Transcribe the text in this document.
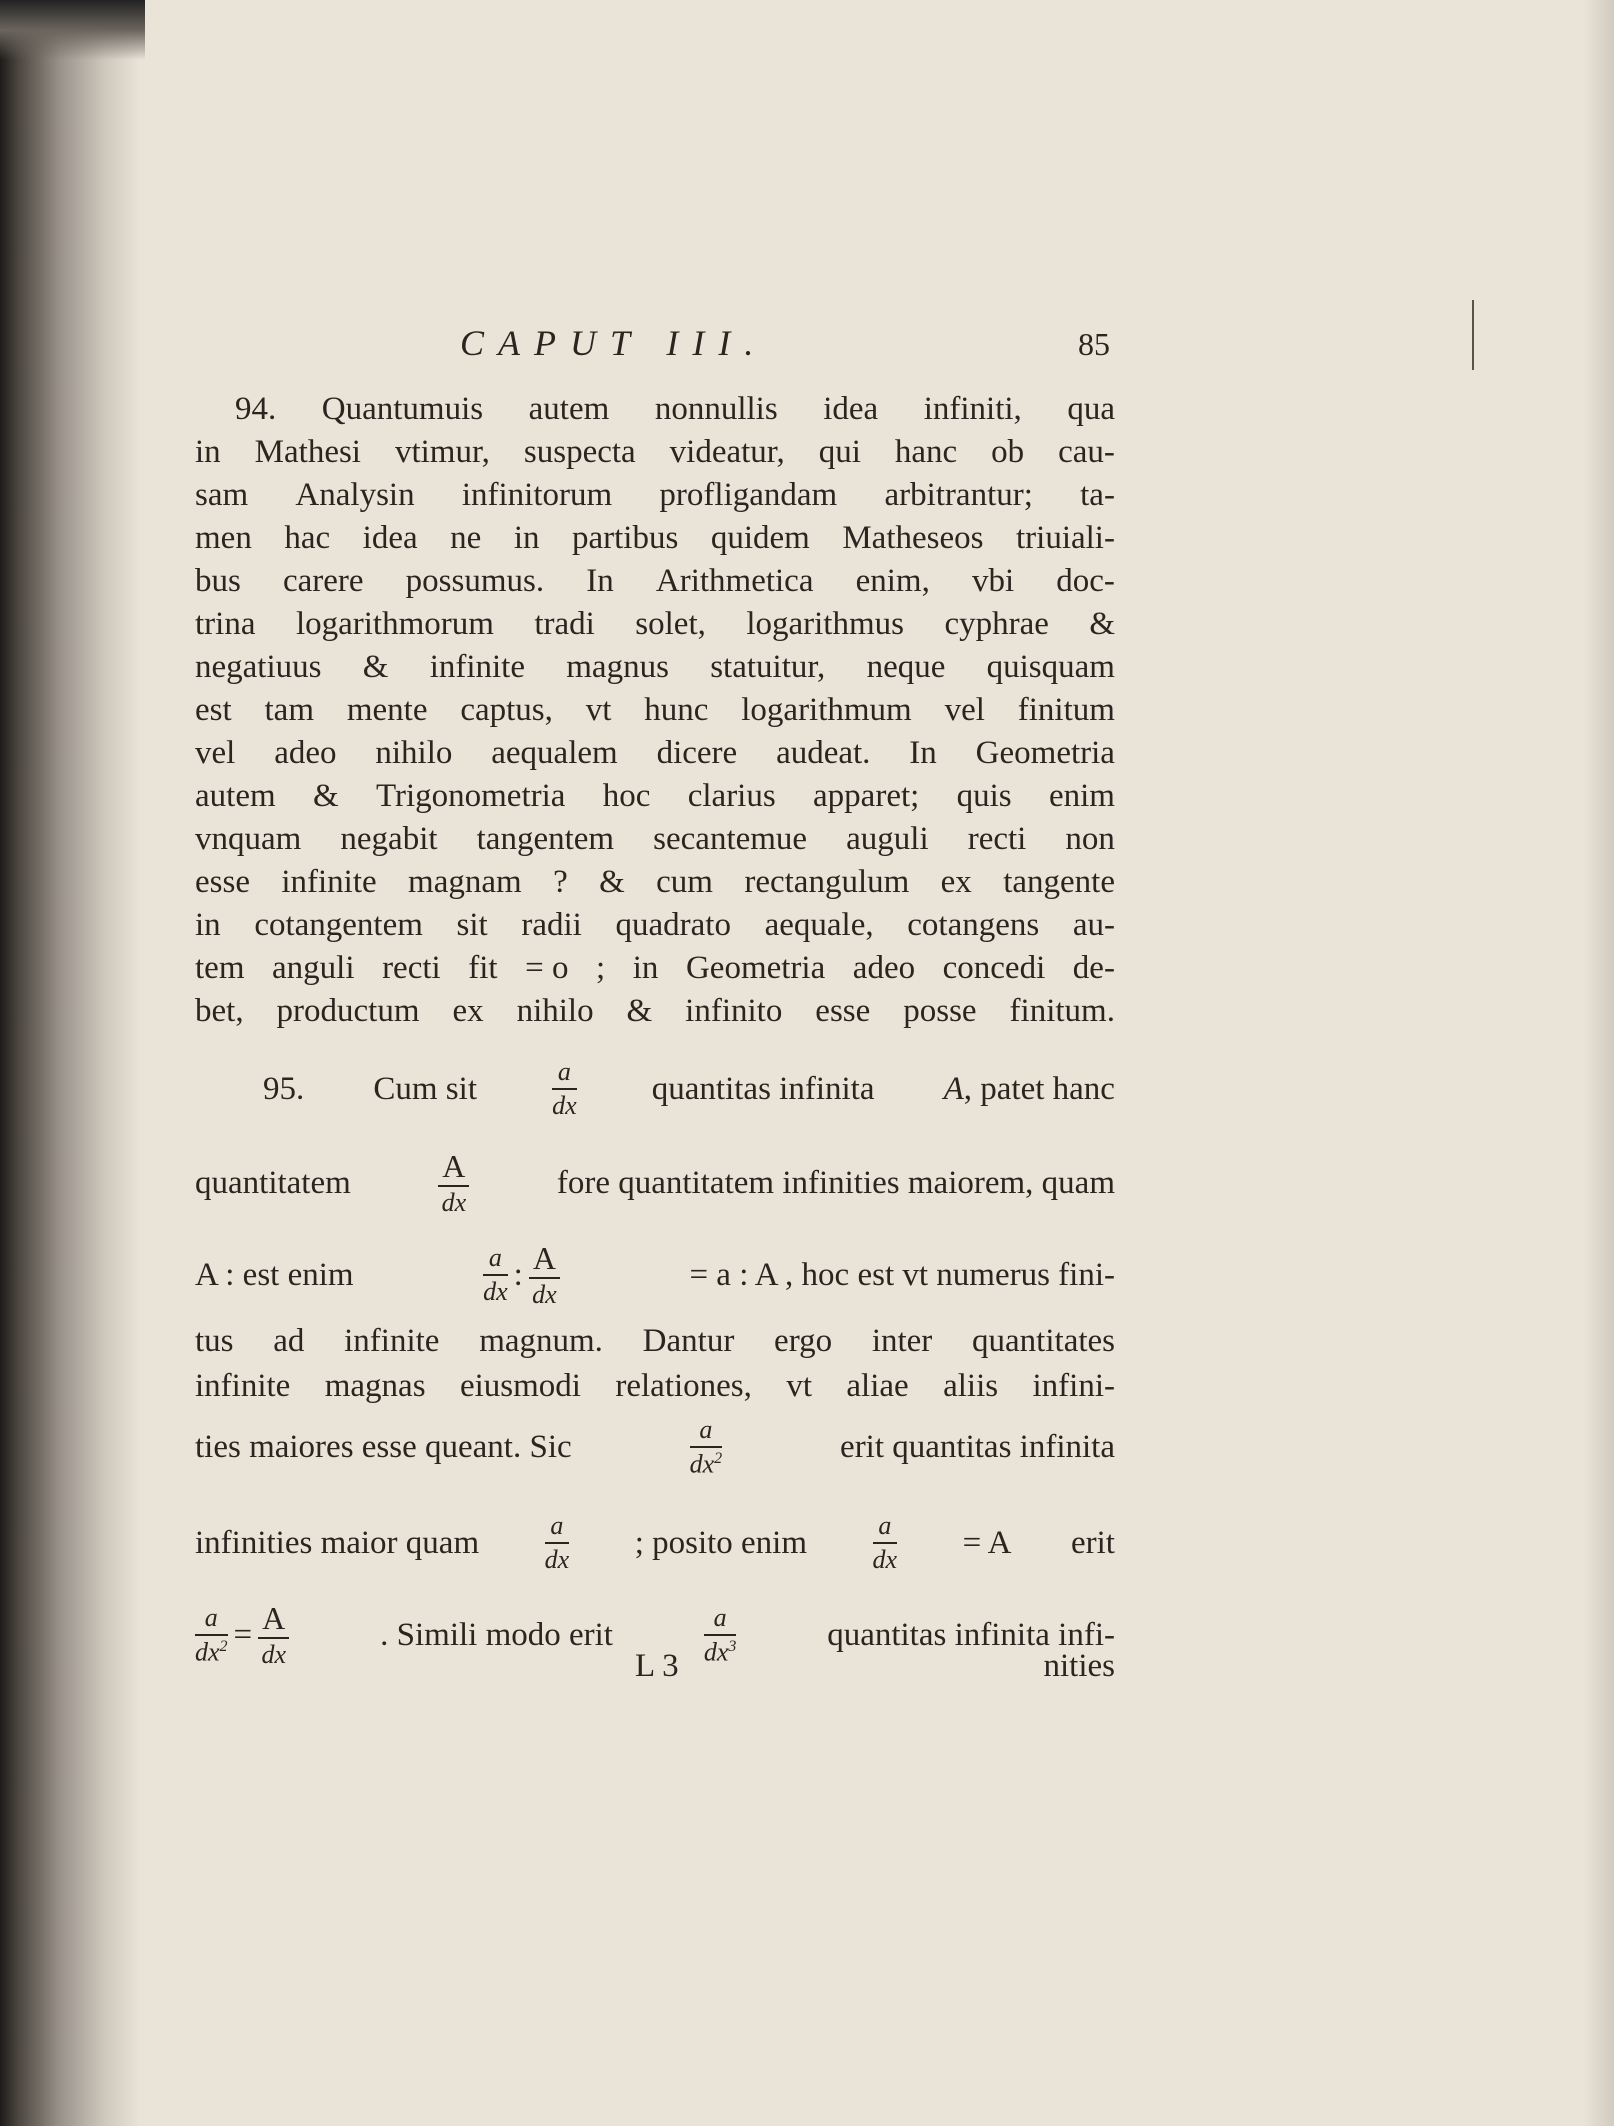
CAPUT III.	85
94. Quantumuis autem nonnullis idea infiniti, qua
in Mathesi vtimur, suspecta videatur, qui hanc ob cau-
sam Analysin infinitorum profligandam arbitrantur; ta-
men hac idea ne in partibus quidem Matheseos triuiali-
bus carere possumus. In Arithmetica enim, vbi doc-
trina logarithmorum tradi solet, logarithmus cyphrae &
negatiuus & infinite magnus statuitur, neque quisquam
est tam mente captus, vt hunc logarithmum vel finitum
vel adeo nihilo aequalem dicere audeat. In Geometria
autem & Trigonometria hoc clarius apparet; quis enim
vnquam negabit tangentem secantemue auguli recti non
esse infinite magnam ? & cum rectangulum ex tangente
in cotangentem sit radii quadrato aequale, cotangens au-
tem anguli recti fit = o ; in Geometria adeo concedi de-
bet, productum ex nihilo & infinito esse posse finitum.
95. Cum sit	$\frac{a}{dx}$ quantitas infinita A , patet hanc
quantitatem	$\frac{A}{dx}$	fore quantitatem infinities maiorem, quam
A : est enim	$\frac{a}{dx}$ : $\frac{A}{dx}$	= a : A , hoc est vt numerus fini-
tus ad infinite magnum. Dantur ergo inter quantitates
infinite magnas eiusmodi relationes, vt aliae aliis infini-
ties maiores esse queant. Sic	$\frac{a}{dx^2}$	erit quantitas infinita
infinities maior quam	$\frac{a}{dx}$ ; posito enim	$\frac{a}{dx} = A$ erit
$\frac{a}{dx^2} = \frac{A}{dx}$	. Simili modo erit	$\frac{a}{dx^3}$	quantitas infinita infi-
L 3	nities
